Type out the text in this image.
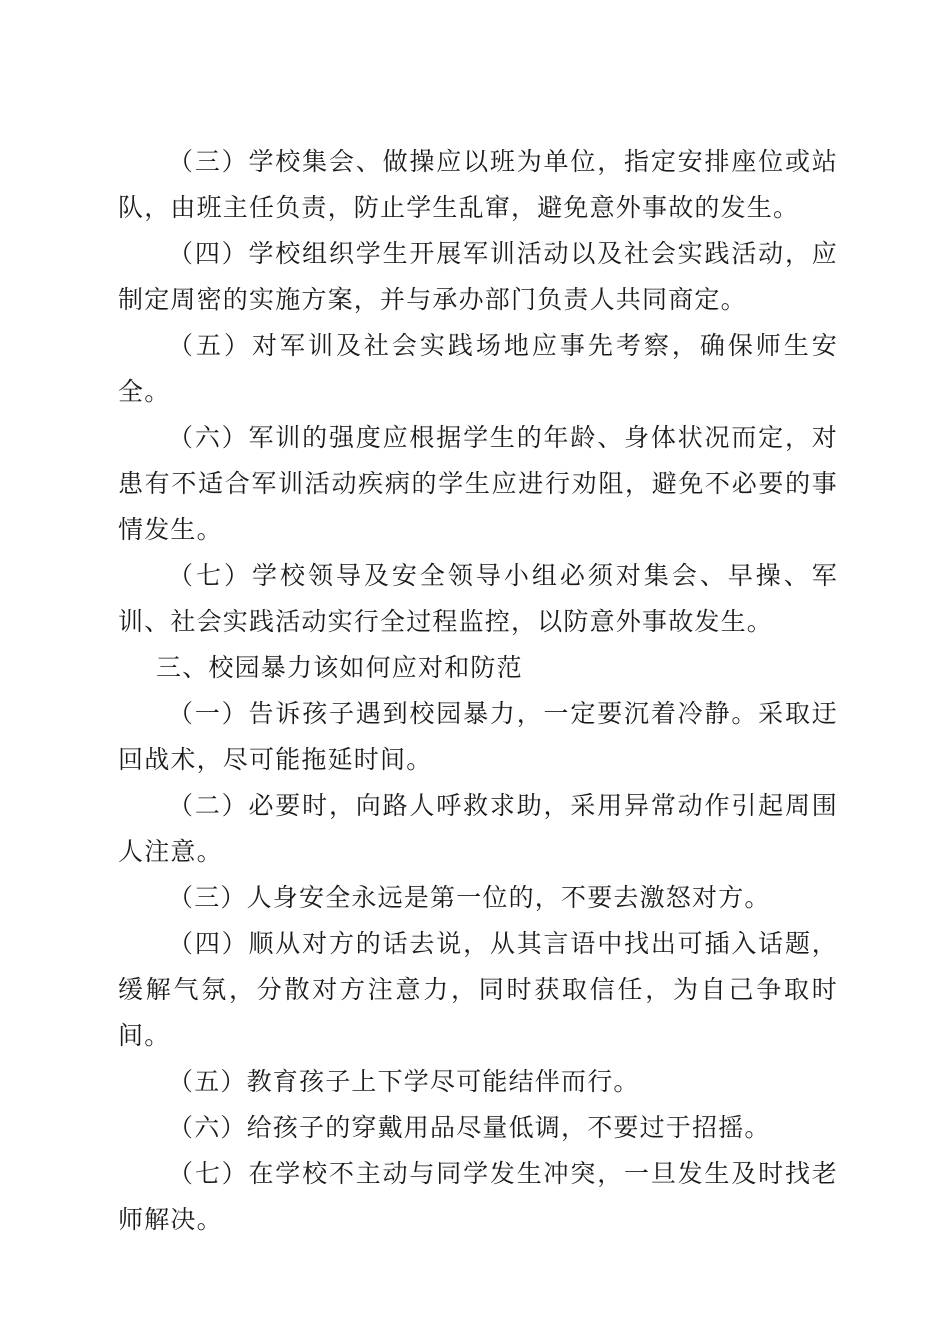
（三）学校集会、做操应以班为单位，指定安排座位或站队，由班主任负责，防止学生乱窜，避免意外事故的发生。

（四）学校组织学生开展军训活动以及社会实践活动，应制定周密的实施方案，并与承办部门负责人共同商定。

（五）对军训及社会实践场地应事先考察，确保师生安全。

（六）军训的强度应根据学生的年龄、身体状况而定，对患有不适合军训活动疾病的学生应进行劝阻，避免不必要的事情发生。

（七）学校领导及安全领导小组必须对集会、早操、军训、社会实践活动实行全过程监控，以防意外事故发生。

三、校园暴力该如何应对和防范

（一）告诉孩子遇到校园暴力，一定要沉着冷静。采取迂回战术，尽可能拖延时间。

（二）必要时，向路人呼救求助，采用异常动作引起周围人注意。

（三）人身安全永远是第一位的，不要去激怒对方。

（四）顺从对方的话去说，从其言语中找出可插入话题，缓解气氛，分散对方注意力，同时获取信任，为自己争取时间。

（五）教育孩子上下学尽可能结伴而行。

（六）给孩子的穿戴用品尽量低调，不要过于招摇。

（七）在学校不主动与同学发生冲突，一旦发生及时找老师解决。
